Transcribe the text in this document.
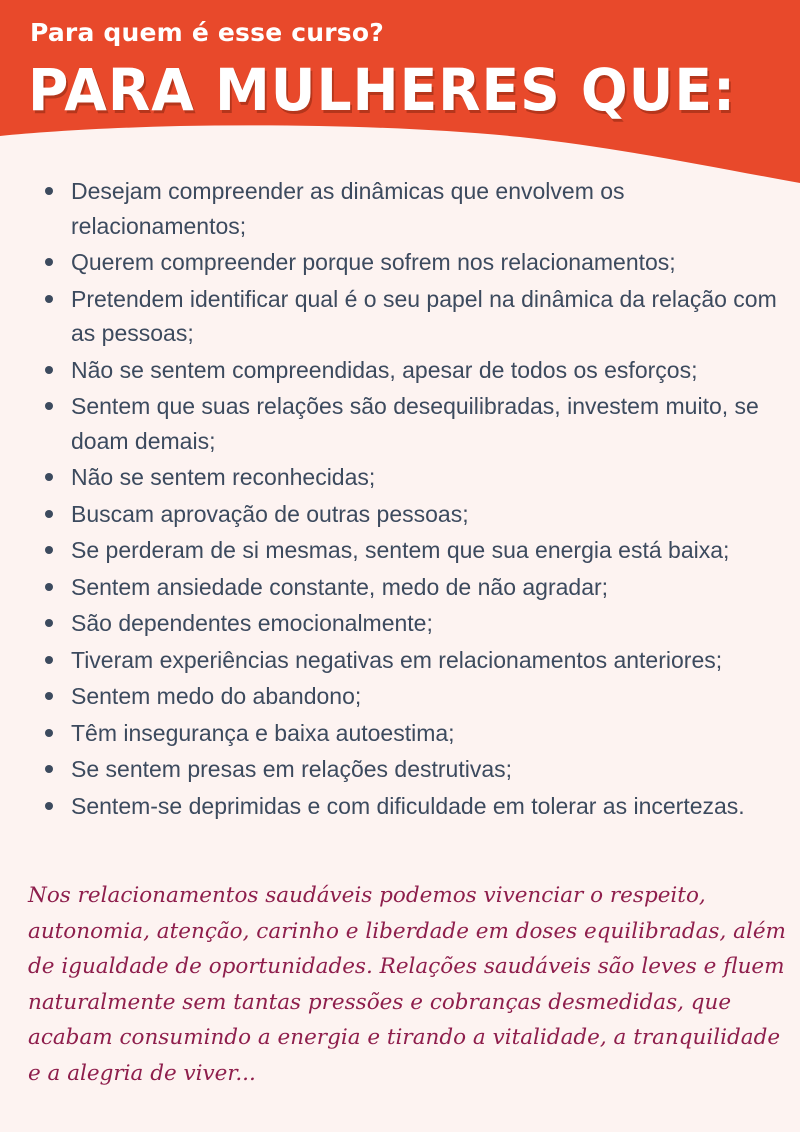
Para quem é esse curso?
PARA MULHERES QUE:
Desejam compreender as dinâmicas que envolvem os relacionamentos;
Querem compreender porque sofrem nos relacionamentos;
Pretendem identificar qual é o seu papel na dinâmica da relação com as pessoas;
Não se sentem compreendidas, apesar de todos os esforços;
Sentem que suas relações são desequilibradas, investem muito, se doam demais;
Não se sentem reconhecidas;
Buscam aprovação de outras pessoas;
Se perderam de si mesmas, sentem que sua energia está baixa;
Sentem ansiedade constante, medo de não agradar;
São dependentes emocionalmente;
Tiveram experiências negativas em relacionamentos anteriores;
Sentem medo do abandono;
Têm insegurança e baixa autoestima;
Se sentem presas em relações destrutivas;
Sentem-se deprimidas e com dificuldade em tolerar as incertezas.

Nos relacionamentos saudáveis podemos vivenciar o respeito, autonomia, atenção, carinho e liberdade em doses equilibradas, além de igualdade de oportunidades. Relações saudáveis são leves e fluem naturalmente sem tantas pressões e cobranças desmedidas, que acabam consumindo a energia e tirando a vitalidade, a tranquilidade e a alegria de viver...
